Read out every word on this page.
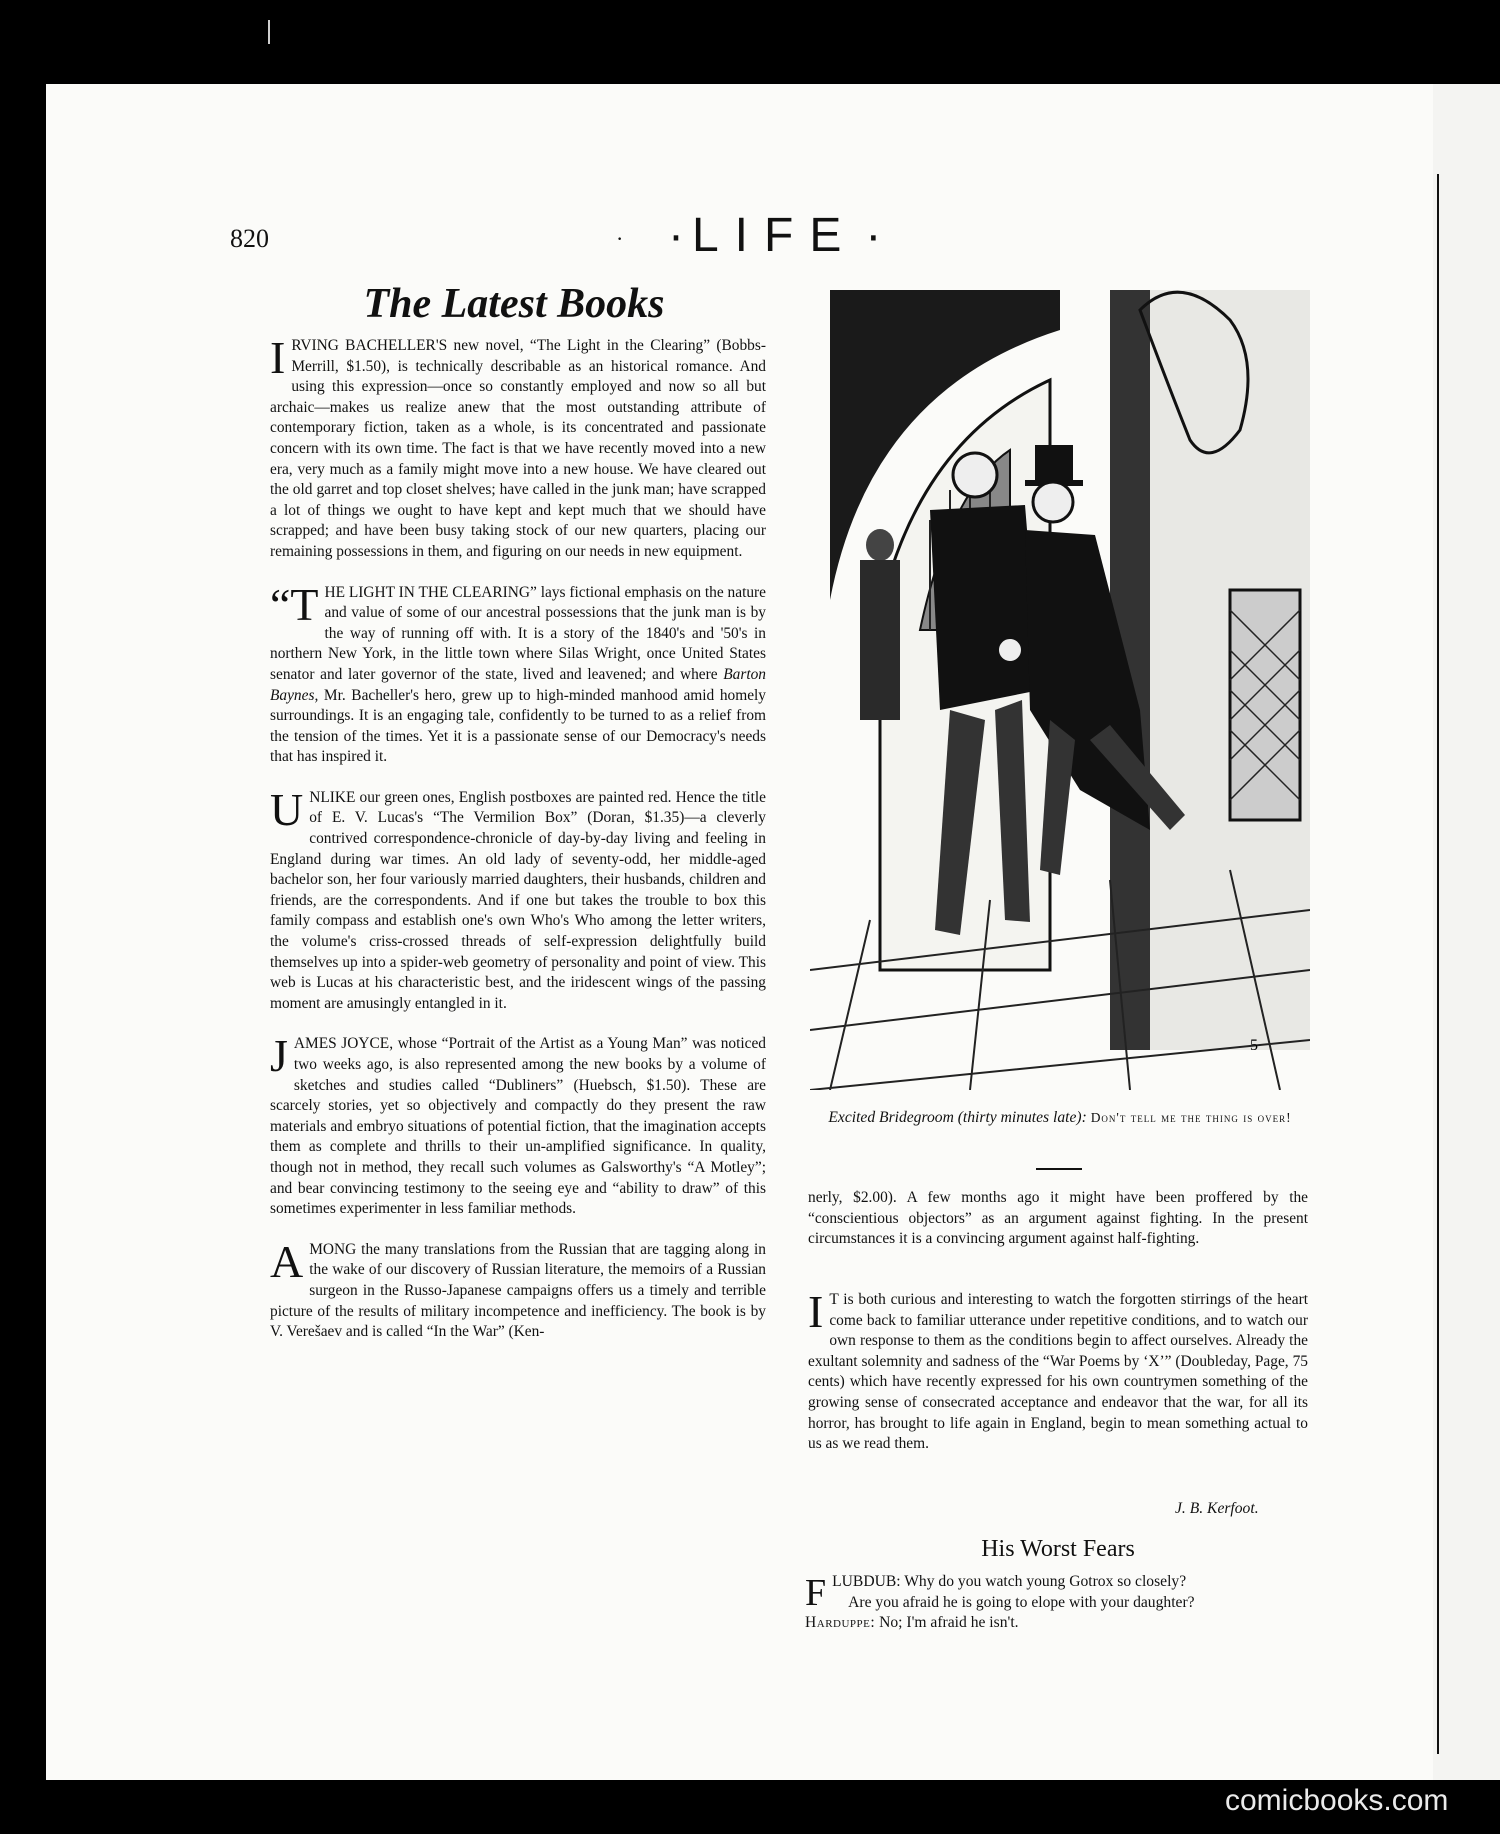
820	·
·	LIFE ·
The Latest Books

IRVING BACHELLER'S new novel, “The Light in the Clearing” (Bobbs-Merrill, $1.50), is technically describable as an historical romance. And using this expression—once so constantly employed and now so all but archaic—makes us realize anew that the most outstanding attribute of contemporary fiction, taken as a whole, is its concentrated and passionate concern with its own time. The fact is that we have recently moved into a new era, very much as a family might move into a new house. We have cleared out the old garret and top closet shelves; have called in the junk man; have scrapped a lot of things we ought to have kept and kept much that we should have scrapped; and have been busy taking stock of our new quarters, placing our remaining possessions in them, and figuring on our needs in new equipment.

“THE LIGHT IN THE CLEARING” lays fictional emphasis on the nature and value of some of our ancestral possessions that the junk man is by the way of running off with. It is a story of the 1840's and '50's in northern New York, in the little town where Silas Wright, once United States senator and later governor of the state, lived and leavened; and where Barton Baynes, Mr. Bacheller's hero, grew up to high-minded manhood amid homely surroundings. It is an engaging tale, confidently to be turned to as a relief from the tension of the times. Yet it is a passionate sense of our Democracy's needs that has inspired it.

UNLIKE our green ones, English postboxes are painted red. Hence the title of E. V. Lucas's “The Vermilion Box” (Doran, $1.35)—a cleverly contrived correspondence-chronicle of day-by-day living and feeling in England during war times. An old lady of seventy-odd, her middle-aged bachelor son, her four variously married daughters, their husbands, children and friends, are the correspondents. And if one but takes the trouble to box this family compass and establish one's own Who's Who among the letter writers, the volume's criss-crossed threads of self-expression delightfully build themselves up into a spider-web geometry of personality and point of view. This web is Lucas at his characteristic best, and the iridescent wings of the passing moment are amusingly entangled in it.

JAMES JOYCE, whose “Portrait of the Artist as a Young Man” was noticed two weeks ago, is also represented among the new books by a volume of sketches and studies called “Dubliners” (Huebsch, $1.50). These are scarcely stories, yet so objectively and compactly do they present the raw materials and embryo situations of potential fiction, that the imagination accepts them as complete and thrills to their un-amplified significance. In quality, though not in method, they recall such volumes as Galsworthy's “A Motley”; and bear convincing testimony to the seeing eye and “ability to draw” of this sometimes experimenter in less familiar methods.

AMONG the many translations from the Russian that are tagging along in the wake of our discovery of Russian literature, the memoirs of a Russian surgeon in the Russo-Japanese campaigns offers us a timely and terrible picture of the results of military incompetence and inefficiency. The book is by V. Verešaev and is called “In the War” (Ken-

5
Excited Bridegroom (thirty minutes late): Don't tell me the thing is over!
nerly, $2.00). A few months ago it might have been proffered by the “conscientious objectors” as an argument against fighting. In the present circumstances it is a convincing argument against half-fighting.

I T is both curious and interesting to watch the forgotten stirrings of the heart come back to familiar utterance under repetitive conditions, and to watch our own response to them as the conditions begin to affect ourselves. Already the exultant solemnity and sadness of the “War Poems by ‘X’” (Doubleday, Page, 75 cents) which have recently expressed for his own countrymen something of the growing sense of consecrated acceptance and endeavor that the war, for all its horror, has brought to life again in England, begin to mean something actual to us as we read them.

J. B. Kerfoot.
His Worst Fears
FLUBDUB: Why do you watch young Gotrox so closely?
Are you afraid he is going to elope with your daughter?
Harduppe: No; I'm afraid he isn't.
comicbooks.com
